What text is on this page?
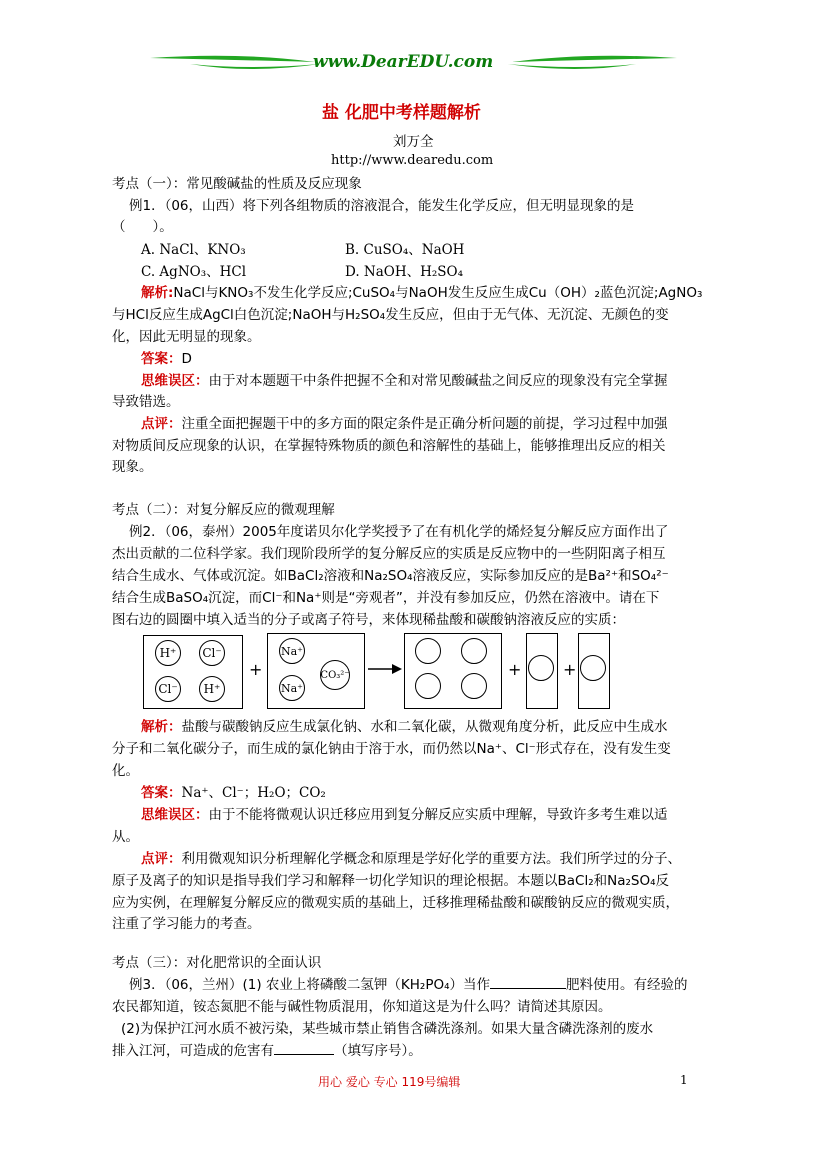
www.DearEDU.com
盐 化肥中考样题解析
刘万全
http://www.dearedu.com
考点（一）：常见酸碱盐的性质及反应现象
例1．（06，山西）将下列各组物质的溶液混合，能发生化学反应，但无明显现象的是
（　　）。
A. NaCl、KNO₃	B. CuSO₄、NaOH
C. AgNO₃、HCl	D. NaOH、H₂SO₄
解析:NaCl与KNO₃不发生化学反应;CuSO₄与NaOH发生反应生成Cu（OH）₂蓝色沉淀;AgNO₃
与HCl反应生成AgCl白色沉淀;NaOH与H₂SO₄发生反应，但由于无气体、无沉淀、无颜色的变
化，因此无明显的现象。
答案：D
思维误区：由于对本题题干中条件把握不全和对常见酸碱盐之间反应的现象没有完全掌握
导致错选。
点评：注重全面把握题干中的多方面的限定条件是正确分析问题的前提，学习过程中加强
对物质间反应现象的认识，在掌握特殊物质的颜色和溶解性的基础上，能够推理出反应的相关
现象。
考点（二）：对复分解反应的微观理解
例2．（06，泰州）2005年度诺贝尔化学奖授予了在有机化学的烯烃复分解反应方面作出了
杰出贡献的二位科学家。我们现阶段所学的复分解反应的实质是反应物中的一些阴阳离子相互
结合生成水、气体或沉淀。如BaCl₂溶液和Na₂SO₄溶液反应，实际参加反应的是Ba²⁺和SO₄²⁻
结合生成BaSO₄沉淀，而Cl⁻和Na⁺则是“旁观者”，并没有参加反应，仍然在溶液中。请在下
图右边的圆圈中填入适当的分子或离子符号，来体现稀盐酸和碳酸钠溶液反应的实质：
H⁺	Cl⁻
Cl⁻	H⁺
+
Na⁺
CO₃²⁻
Na⁺
+	+
解析：盐酸与碳酸钠反应生成氯化钠、水和二氧化碳，从微观角度分析，此反应中生成水
分子和二氧化碳分子，而生成的氯化钠由于溶于水，而仍然以Na⁺、Cl⁻形式存在，没有发生变
化。
答案：Na⁺、Cl⁻；H₂O；CO₂
思维误区：由于不能将微观认识迁移应用到复分解反应实质中理解，导致许多考生难以适
从。
点评：利用微观知识分析理解化学概念和原理是学好化学的重要方法。我们所学过的分子、
原子及离子的知识是指导我们学习和解释一切化学知识的理论根据。本题以BaCl₂和Na₂SO₄反
应为实例，在理解复分解反应的微观实质的基础上，迁移推理稀盐酸和碳酸钠反应的微观实质，
注重了学习能力的考查。
考点（三）：对化肥常识的全面认识
例3．（06，兰州）(1) 农业上将磷酸二氢钾（KH₂PO₄）当作	肥料使用。有经验的
农民都知道，铵态氮肥不能与碱性物质混用，你知道这是为什么吗？请简述其原因。
(2)为保护江河水质不被污染，某些城市禁止销售含磷洗涤剂。如果大量含磷洗涤剂的废水
排入江河，可造成的危害有	（填写序号）。
用心 爱心 专心 119号编辑	1
